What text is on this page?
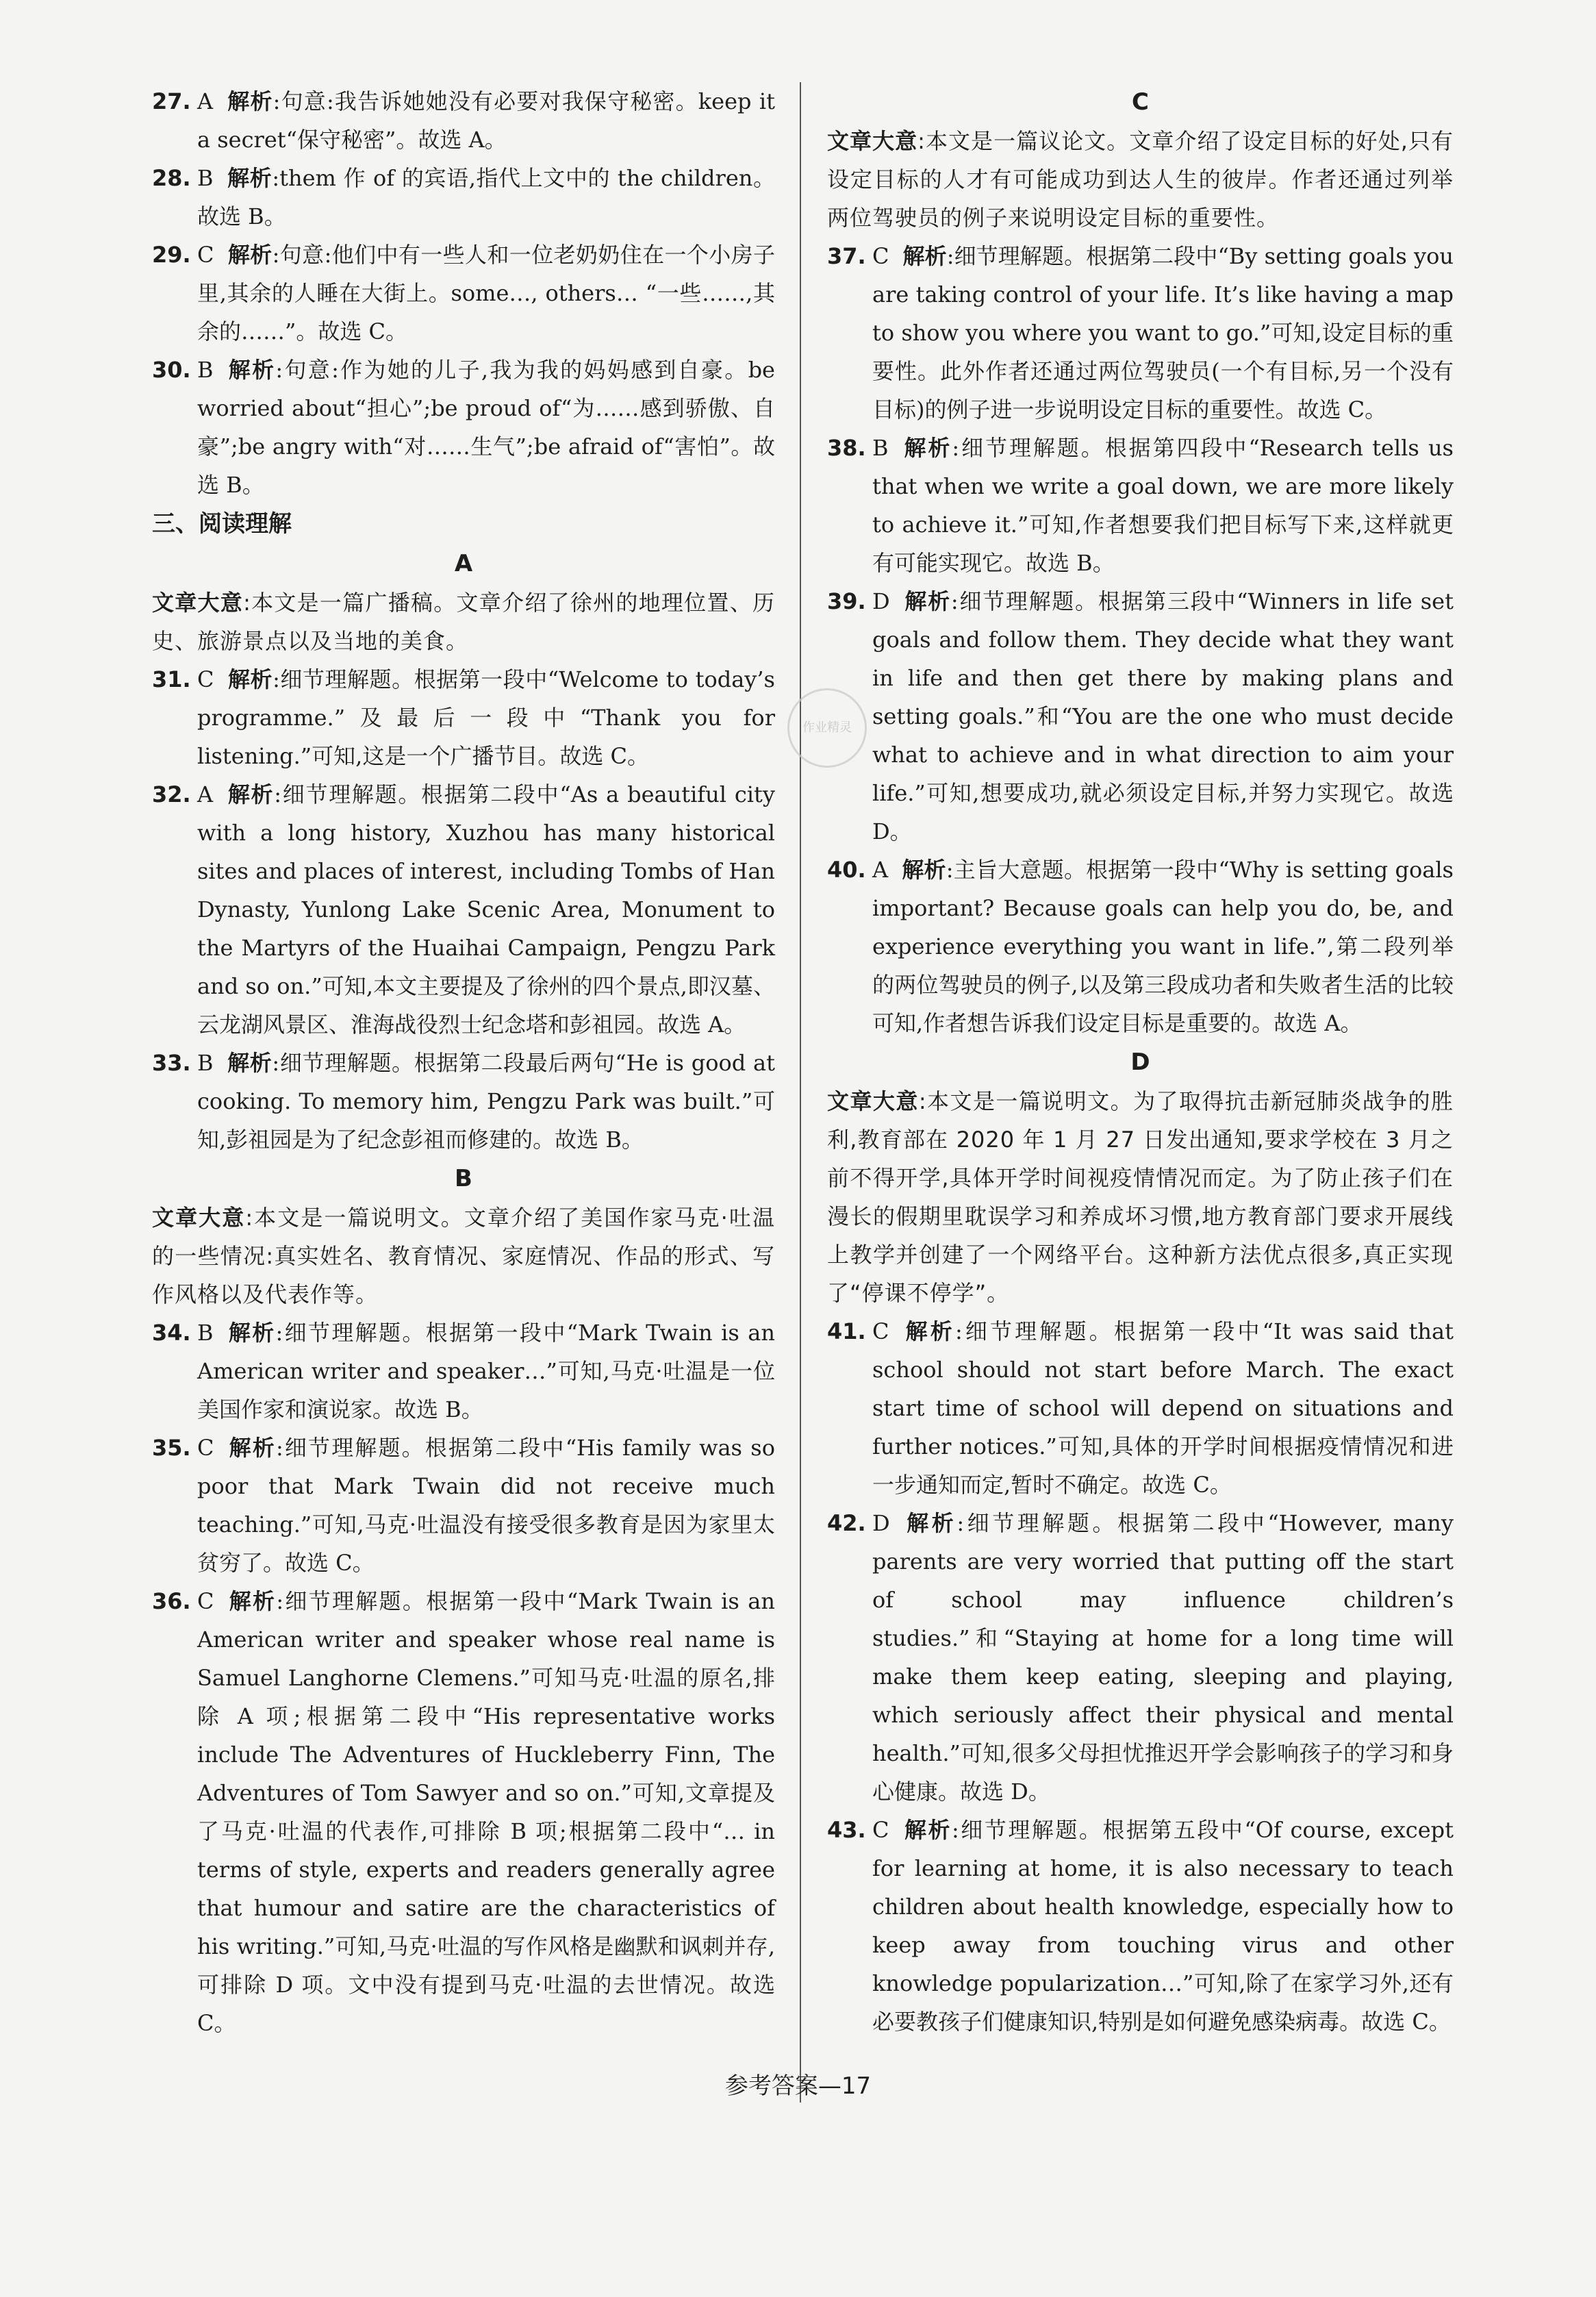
27. A 解析:句意:我告诉她她没有必要对我保守秘密。keep it a secret“保守秘密”。故选 A。
28. B 解析:them 作 of 的宾语,指代上文中的 the children。故选 B。
29. C 解析:句意:他们中有一些人和一位老奶奶住在一个小房子里,其余的人睡在大街上。some…, others… “一些……,其余的……”。故选 C。
30. B 解析:句意:作为她的儿子,我为我的妈妈感到自豪。be worried about“担心”;be proud of“为……感到骄傲、自豪”;be angry with“对……生气”;be afraid of“害怕”。故选 B。
三、阅读理解
A
文章大意:本文是一篇广播稿。文章介绍了徐州的地理位置、历史、旅游景点以及当地的美食。
31. C 解析:细节理解题。根据第一段中“Welcome to today’s programme.”及最后一段中“Thank you for listening.”可知,这是一个广播节目。故选 C。
32. A 解析:细节理解题。根据第二段中“As a beautiful city with a long history, Xuzhou has many historical sites and places of interest, including Tombs of Han Dynasty, Yunlong Lake Scenic Area, Monument to the Martyrs of the Huaihai Campaign, Pengzu Park and so on.”可知,本文主要提及了徐州的四个景点,即汉墓、云龙湖风景区、淮海战役烈士纪念塔和彭祖园。故选 A。
33. B 解析:细节理解题。根据第二段最后两句“He is good at cooking. To memory him, Pengzu Park was built.”可知,彭祖园是为了纪念彭祖而修建的。故选 B。
B
文章大意:本文是一篇说明文。文章介绍了美国作家马克·吐温的一些情况:真实姓名、教育情况、家庭情况、作品的形式、写作风格以及代表作等。
34. B 解析:细节理解题。根据第一段中“Mark Twain is an American writer and speaker…”可知,马克·吐温是一位美国作家和演说家。故选 B。
35. C 解析:细节理解题。根据第二段中“His family was so poor that Mark Twain did not receive much teaching.”可知,马克·吐温没有接受很多教育是因为家里太贫穷了。故选 C。
36. C 解析:细节理解题。根据第一段中“Mark Twain is an American writer and speaker whose real name is Samuel Langhorne Clemens.”可知马克·吐温的原名,排除 A 项;根据第二段中“His representative works include The Adventures of Huckleberry Finn, The Adventures of Tom Sawyer and so on.”可知,文章提及了马克·吐温的代表作,可排除 B 项;根据第二段中“… in terms of style, experts and readers generally agree that humour and satire are the characteristics of his writing.”可知,马克·吐温的写作风格是幽默和讽刺并存,可排除 D 项。文中没有提到马克·吐温的去世情况。故选 C。
C
文章大意:本文是一篇议论文。文章介绍了设定目标的好处,只有设定目标的人才有可能成功到达人生的彼岸。作者还通过列举两位驾驶员的例子来说明设定目标的重要性。
37. C 解析:细节理解题。根据第二段中“By setting goals you are taking control of your life. It’s like having a map to show you where you want to go.”可知,设定目标的重要性。此外作者还通过两位驾驶员(一个有目标,另一个没有目标)的例子进一步说明设定目标的重要性。故选 C。
38. B 解析:细节理解题。根据第四段中“Research tells us that when we write a goal down, we are more likely to achieve it.”可知,作者想要我们把目标写下来,这样就更有可能实现它。故选 B。
39. D 解析:细节理解题。根据第三段中“Winners in life set goals and follow them. They decide what they want in life and then get there by making plans and setting goals.”和“You are the one who must decide what to achieve and in what direction to aim your life.”可知,想要成功,就必须设定目标,并努力实现它。故选 D。
40. A 解析:主旨大意题。根据第一段中“Why is setting goals important? Because goals can help you do, be, and experience everything you want in life.”,第二段列举的两位驾驶员的例子,以及第三段成功者和失败者生活的比较可知,作者想告诉我们设定目标是重要的。故选 A。
D
文章大意:本文是一篇说明文。为了取得抗击新冠肺炎战争的胜利,教育部在 2020 年 1 月 27 日发出通知,要求学校在 3 月之前不得开学,具体开学时间视疫情情况而定。为了防止孩子们在漫长的假期里耽误学习和养成坏习惯,地方教育部门要求开展线上教学并创建了一个网络平台。这种新方法优点很多,真正实现了“停课不停学”。
41. C 解析:细节理解题。根据第一段中“It was said that school should not start before March. The exact start time of school will depend on situations and further notices.”可知,具体的开学时间根据疫情情况和进一步通知而定,暂时不确定。故选 C。
42. D 解析:细节理解题。根据第二段中“However, many parents are very worried that putting off the start of school may influence children’s studies.”和“Staying at home for a long time will make them keep eating, sleeping and playing, which seriously affect their physical and mental health.”可知,很多父母担忧推迟开学会影响孩子的学习和身心健康。故选 D。
43. C 解析:细节理解题。根据第五段中“Of course, except for learning at home, it is also necessary to teach children about health knowledge, especially how to keep away from touching virus and other knowledge popularization…”可知,除了在家学习外,还有必要教孩子们健康知识,特别是如何避免感染病毒。故选 C。
作业精灵
参考答案—17
